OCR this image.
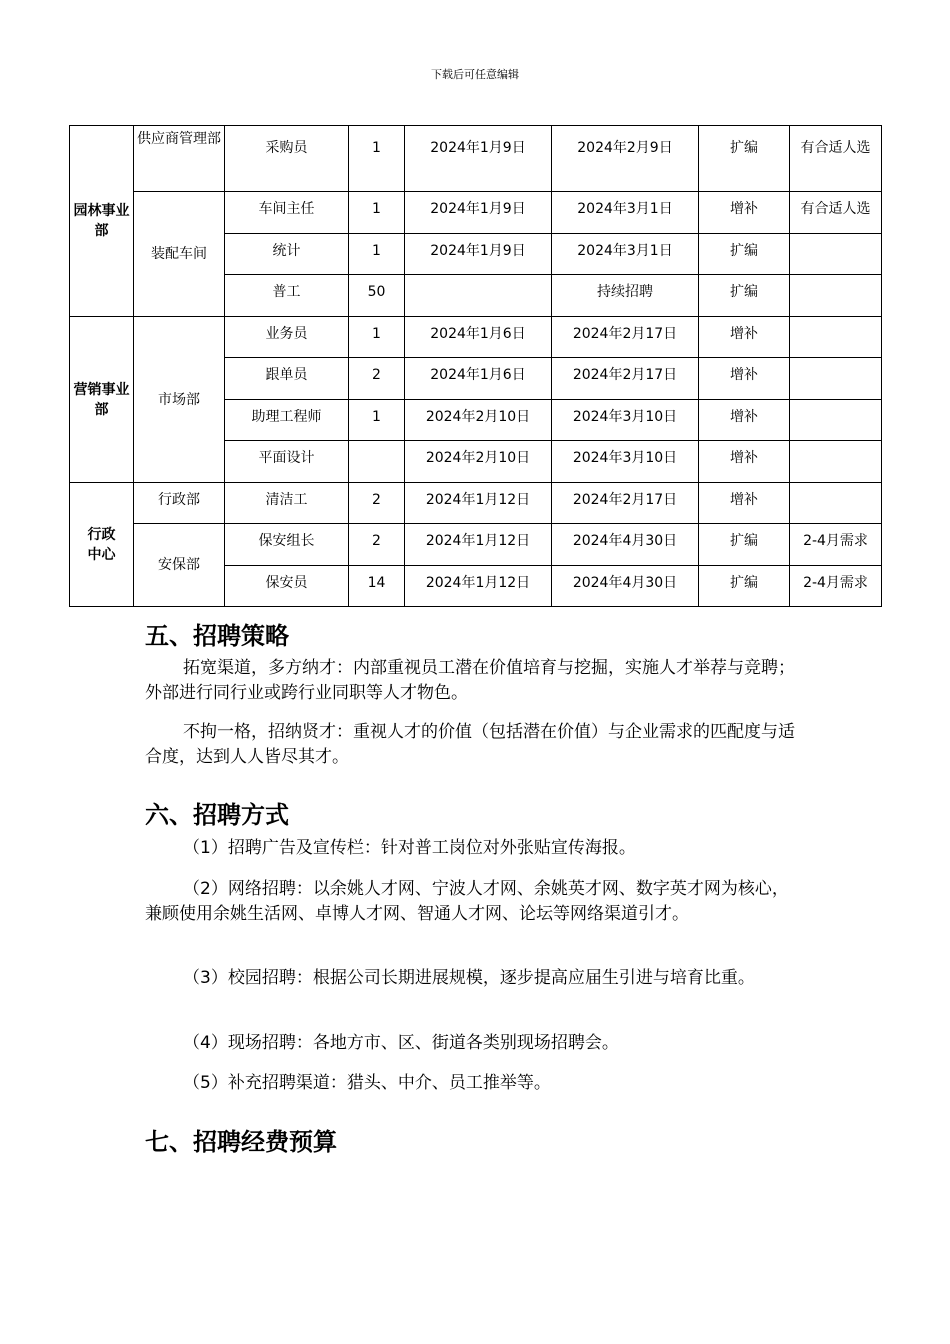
下载后可任意编辑
园林事业部	供应商管理部	采购员	1	2024年1月9日	2024年2月9日	扩编	有合适人选
	装配车间	车间主任	1	2024年1月9日	2024年3月1日	增补	有合适人选
		统计	1	2024年1月9日	2024年3月1日	扩编	
		普工	50		持续招聘	扩编	
营销事业部	市场部	业务员	1	2024年1月6日	2024年2月17日	增补	
		跟单员	2	2024年1月6日	2024年2月17日	增补	
		助理工程师	1	2024年2月10日	2024年3月10日	增补	
		平面设计		2024年2月10日	2024年3月10日	增补	
行政中心	行政部	清洁工	2	2024年1月12日	2024年2月17日	增补	
	安保部	保安组长	2	2024年1月12日	2024年4月30日	扩编	2-4月需求
		保安员	14	2024年1月12日	2024年4月30日	扩编	2-4月需求
五、招聘策略

拓宽渠道，多方纳才：内部重视员工潜在价值培育与挖掘，实施人才举荐与竞聘；外部进行同行业或跨行业同职等人才物色。

不拘一格，招纳贤才：重视人才的价值（包括潜在价值）与企业需求的匹配度与适合度，达到人人皆尽其才。

六、招聘方式

（1）招聘广告及宣传栏：针对普工岗位对外张贴宣传海报。

（2）网络招聘：以余姚人才网、宁波人才网、余姚英才网、数字英才网为核心，兼顾使用余姚生活网、卓博人才网、智通人才网、论坛等网络渠道引才。

（3）校园招聘：根据公司长期进展规模，逐步提高应届生引进与培育比重。

（4）现场招聘：各地方市、区、街道各类别现场招聘会。

（5）补充招聘渠道：猎头、中介、员工推举等。

七、招聘经费预算
